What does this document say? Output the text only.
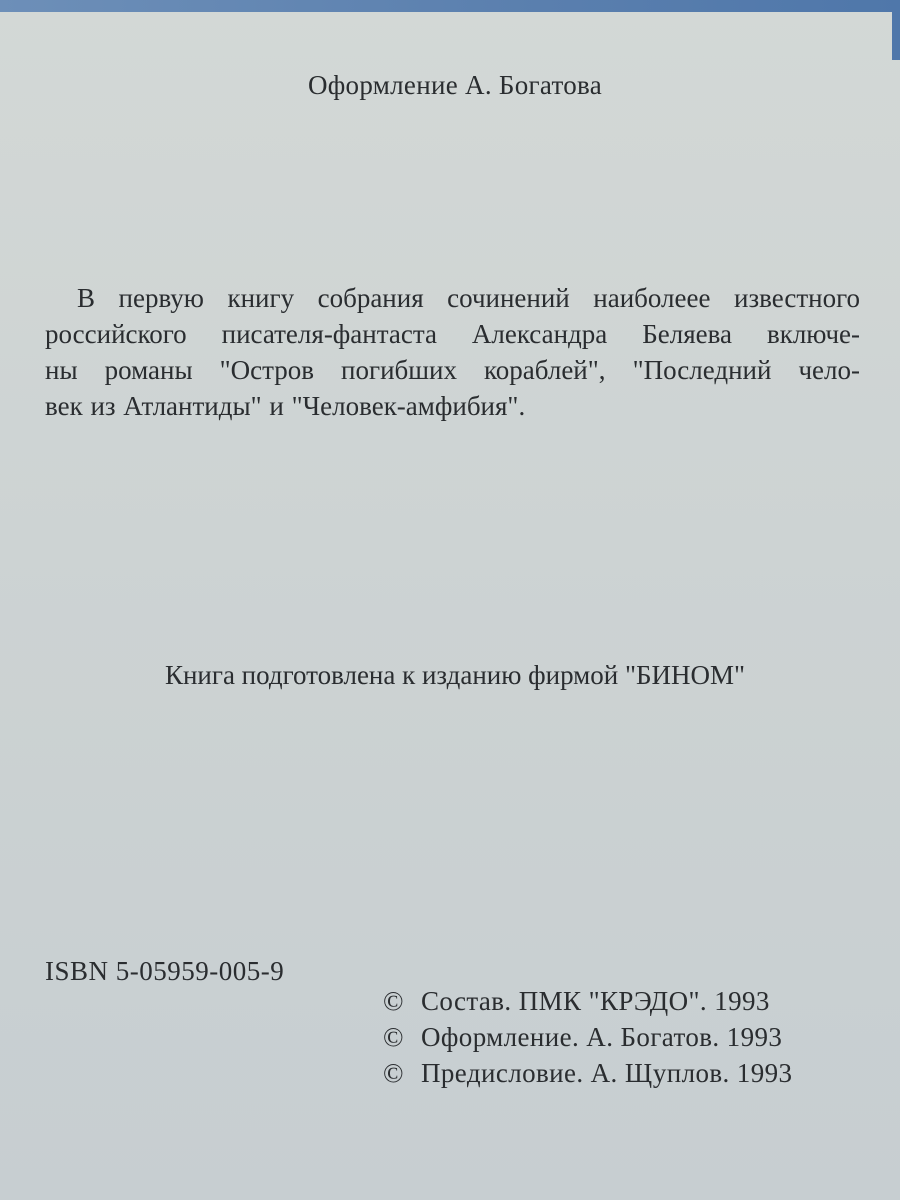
Оформление А. Богатова
В первую книгу собрания сочинений наиболеее известного
российского писателя-фантаста Александра Беляева включе-
ны романы "Остров погибших кораблей", "Последний чело-
век из Атлантиды" и "Человек-амфибия".
Книга подготовлена к изданию фирмой "БИНОМ"
ISBN 5-05959-005-9
© Состав. ПМК "КРЭДО". 1993
© Оформление. А. Богатов. 1993
© Предисловие. А. Щуплов. 1993
